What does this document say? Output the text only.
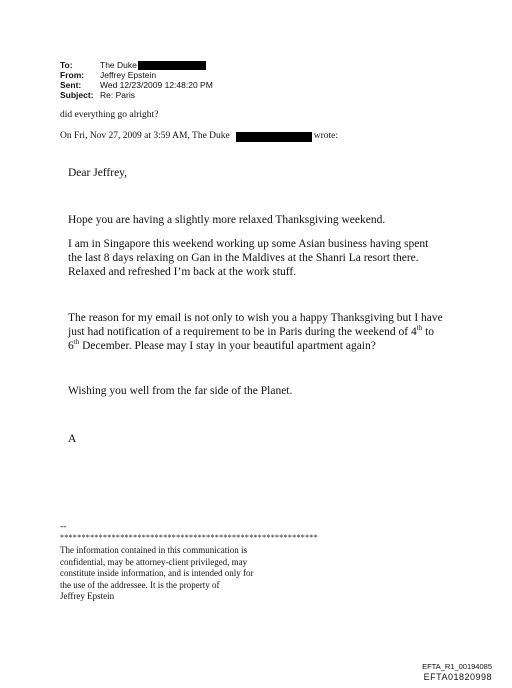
To:	The Duke
From:	Jeffrey Epstein
Sent:	Wed 12/23/2009 12:48:20 PM
Subject: Re: Paris
did everything go alright?
On Fri, Nov 27, 2009 at 3:59 AM, The Duke	wrote:
Dear Jeffrey,
Hope you are having a slightly more relaxed Thanksgiving weekend.
I am in Singapore this weekend working up some Asian business having spent
the last 8 days relaxing on Gan in the Maldives at the Shanri La resort there.
Relaxed and refreshed I’m back at the work stuff.
The reason for my email is not only to wish you a happy Thanksgiving but I have
just had notification of a requirement to be in Paris during the weekend of 4th to
6th December. Please may I stay in your beautiful apartment again?
Wishing you well from the far side of the Planet.
A
--
************************************************************
The information contained in this communication is
confidential, may be attorney-client privileged, may
constitute inside information, and is intended only for
the use of the addressee. It is the property of
Jeffrey Epstein
EFTA_R1_00194085
EFTA01820998
